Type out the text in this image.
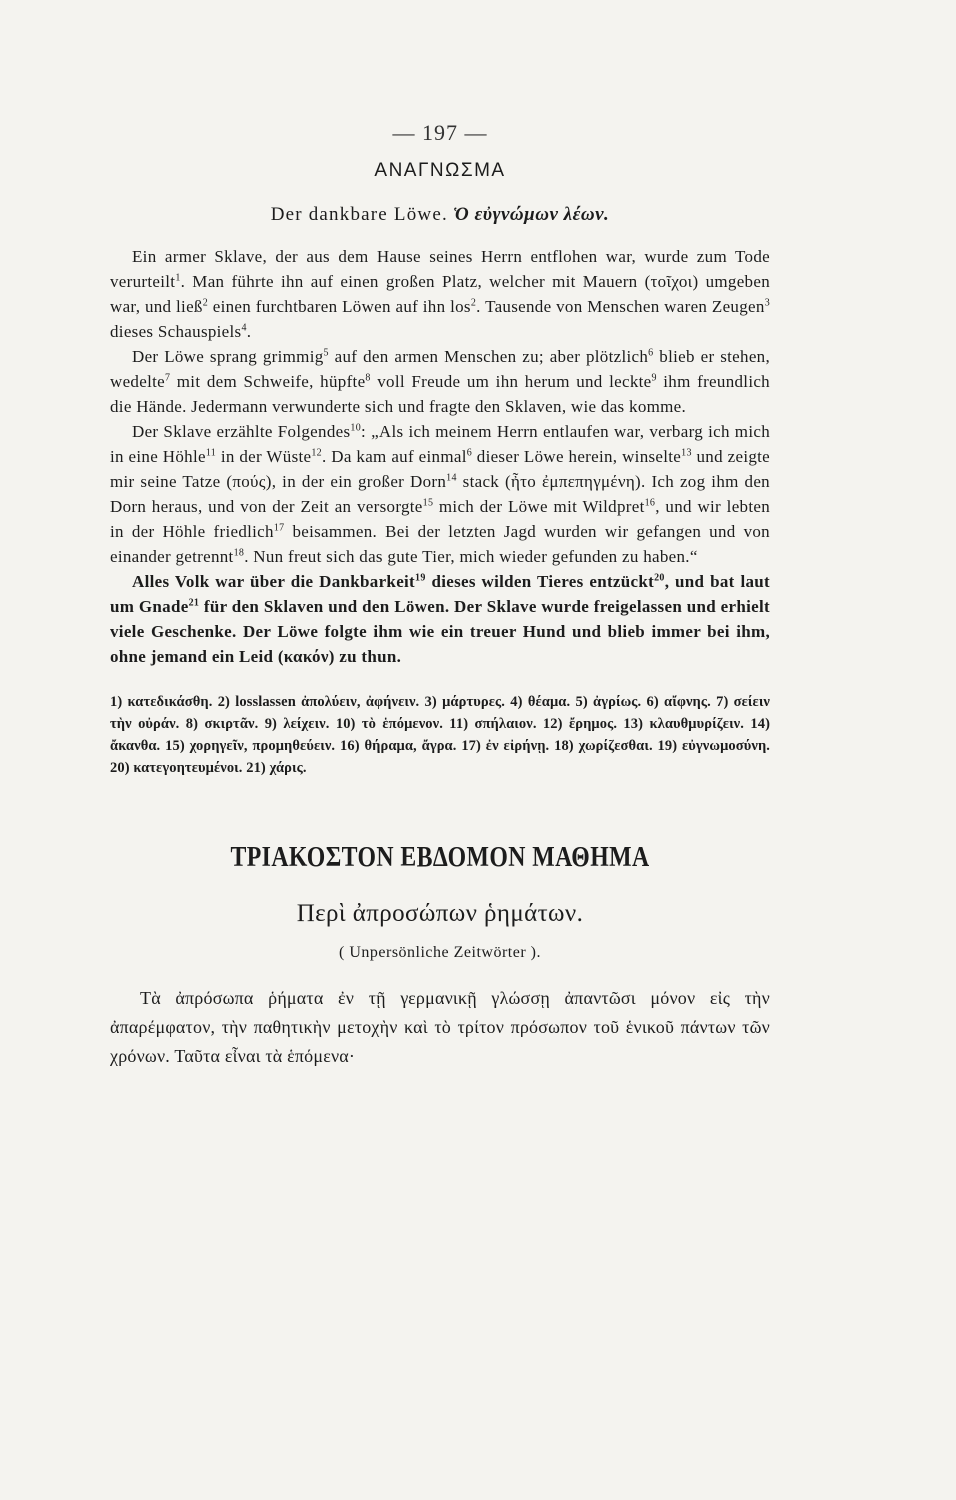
— 197 —
ΑΝΑΓΝΩΣΜΑ
Der dankbare Löwe. Ὁ εὐγνώμων λέων.

Ein armer Sklave, der aus dem Hause seines Herrn entflohen war, wurde zum Tode verurteilt$^1$. Man führte ihn auf einen großen Platz, welcher mit Mauern (τοῖχοι) umgeben war, und ließ$^2$ einen furchtbaren Löwen auf ihn los$^2$. Tausende von Menschen waren Zeugen$^3$ dieses Schauspiels$^4$.

Der Löwe sprang grimmig$^5$ auf den armen Menschen zu; aber plötzlich$^6$ blieb er stehen, wedelte$^7$ mit dem Schweife, hüpfte$^8$ voll Freude um ihn herum und leckte$^9$ ihm freundlich die Hände. Jedermann verwunderte sich und fragte den Sklaven, wie das komme.

Der Sklave erzählte Folgendes$^{10}$: „Als ich meinem Herrn entlaufen war, verbarg ich mich in eine Höhle$^{11}$ in der Wüste$^{12}$. Da kam auf einmal$^6$ dieser Löwe herein, winselte$^{13}$ und zeigte mir seine Tatze (πούς), in der ein großer Dorn$^{14}$ stack (ἦτο ἐμπεπηγμένη). Ich zog ihm den Dorn heraus, und von der Zeit an versorgte$^{15}$ mich der Löwe mit Wildpret$^{16}$, und wir lebten in der Höhle friedlich$^{17}$ beisammen. Bei der letzten Jagd wurden wir gefangen und von einander getrennt$^{18}$. Nun freut sich das gute Tier, mich wieder gefunden zu haben.“

Alles Volk war über die Dankbarkeit$^{19}$ dieses wilden Tieres entzückt$^{20}$, und bat laut um Gnade$^{21}$ für den Sklaven und den Löwen. Der Sklave wurde freigelassen und erhielt viele Geschenke. Der Löwe folgte ihm wie ein treuer Hund und blieb immer bei ihm, ohne jemand ein Leid (κακόν) zu thun.

1) κατεδικάσθη. 2) losslassen ἀπολύειν, ἀφήνειν. 3) μάρτυρες. 4) θέαμα. 5) ἀγρίως. 6) αἴφνης. 7) σείειν τὴν οὐράν. 8) σκιρτᾶν. 9) λείχειν. 10) τὸ ἑπόμενον. 11) σπήλαιον. 12) ἔρημος. 13) κλαυθμυρίζειν. 14) ἄκανθα. 15) χορηγεῖν, προμηθεύειν. 16) θήραμα, ἄγρα. 17) ἐν εἰρήνῃ. 18) χωρίζεσθαι. 19) εὐγνωμοσύνη. 20) κατεγοητευμένοι. 21) χάρις.
ΤΡΙΑΚΟΣΤΟΝ ΕΒΔΟΜΟΝ ΜΑΘΗΜΑ
Περὶ ἀπροσώπων ῥημάτων.
( Unpersönliche Zeitwörter ).

Τὰ ἀπρόσωπα ῥήματα ἐν τῇ γερμανικῇ γλώσσῃ ἀπαντῶσι μόνον εἰς τὴν ἀπαρέμφατον, τὴν παθητικὴν μετοχὴν καὶ τὸ τρίτον πρόσωπον τοῦ ἑνικοῦ πάντων τῶν χρόνων. Ταῦτα εἶναι τὰ ἑπόμενα·
